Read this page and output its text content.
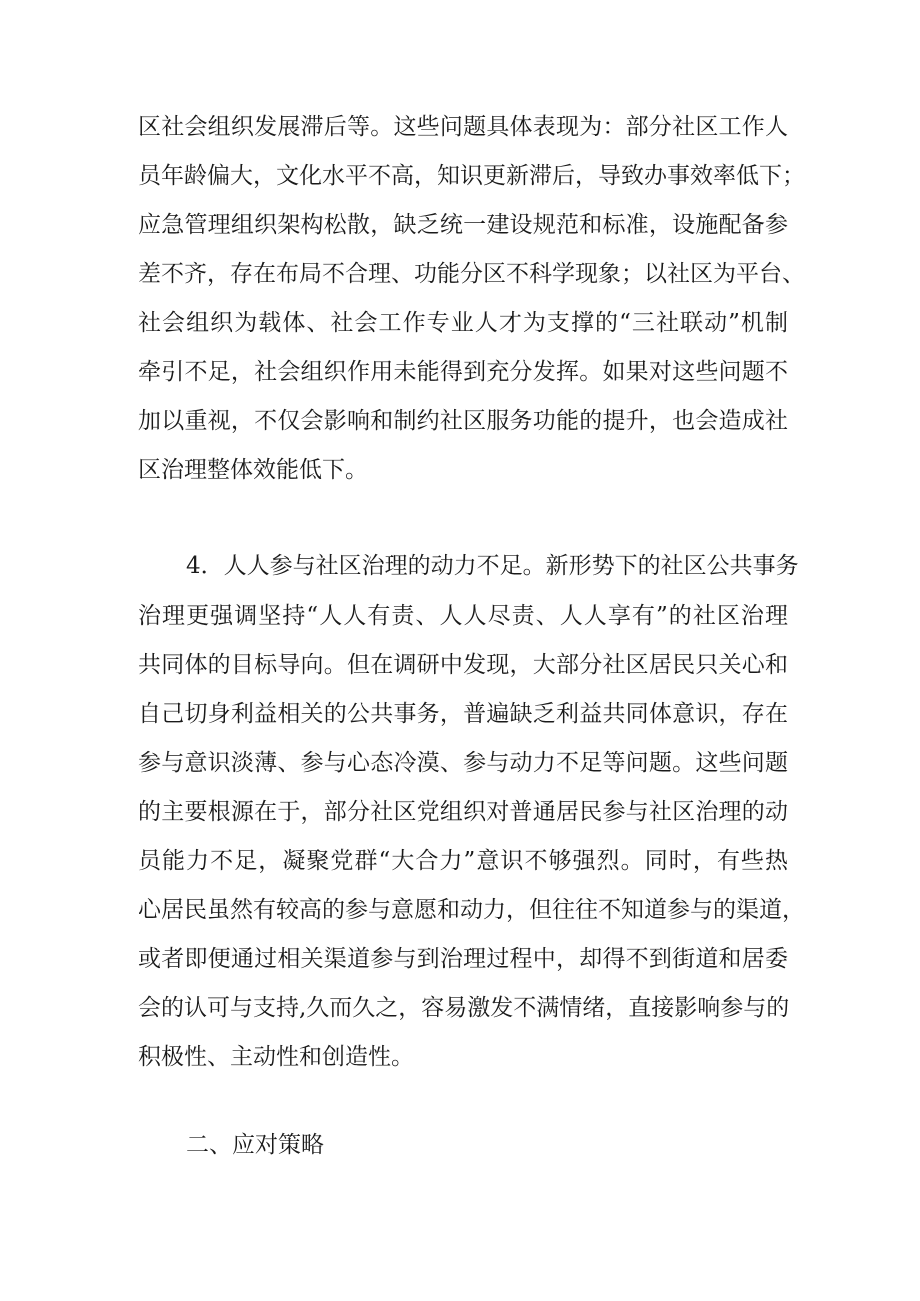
区社会组织发展滞后等。这些问题具体表现为：部分社区工作人
员年龄偏大，文化水平不高，知识更新滞后，导致办事效率低下；
应急管理组织架构松散，缺乏统一建设规范和标准，设施配备参
差不齐，存在布局不合理、功能分区不科学现象；以社区为平台、
社会组织为载体、社会工作专业人才为支撑的“三社联动”机制
牵引不足，社会组织作用未能得到充分发挥。如果对这些问题不
加以重视，不仅会影响和制约社区服务功能的提升，也会造成社
区治理整体效能低下。
4．人人参与社区治理的动力不足。新形势下的社区公共事务
治理更强调坚持“人人有责、人人尽责、人人享有”的社区治理
共同体的目标导向。但在调研中发现，大部分社区居民只关心和
自己切身利益相关的公共事务，普遍缺乏利益共同体意识，存在
参与意识淡薄、参与心态冷漠、参与动力不足等问题。这些问题
的主要根源在于，部分社区党组织对普通居民参与社区治理的动
员能力不足，凝聚党群“大合力”意识不够强烈。同时，有些热
心居民虽然有较高的参与意愿和动力，但往往不知道参与的渠道，
或者即便通过相关渠道参与到治理过程中，却得不到街道和居委
会的认可与支持,久而久之，容易激发不满情绪，直接影响参与的
积极性、主动性和创造性。
二、应对策略
